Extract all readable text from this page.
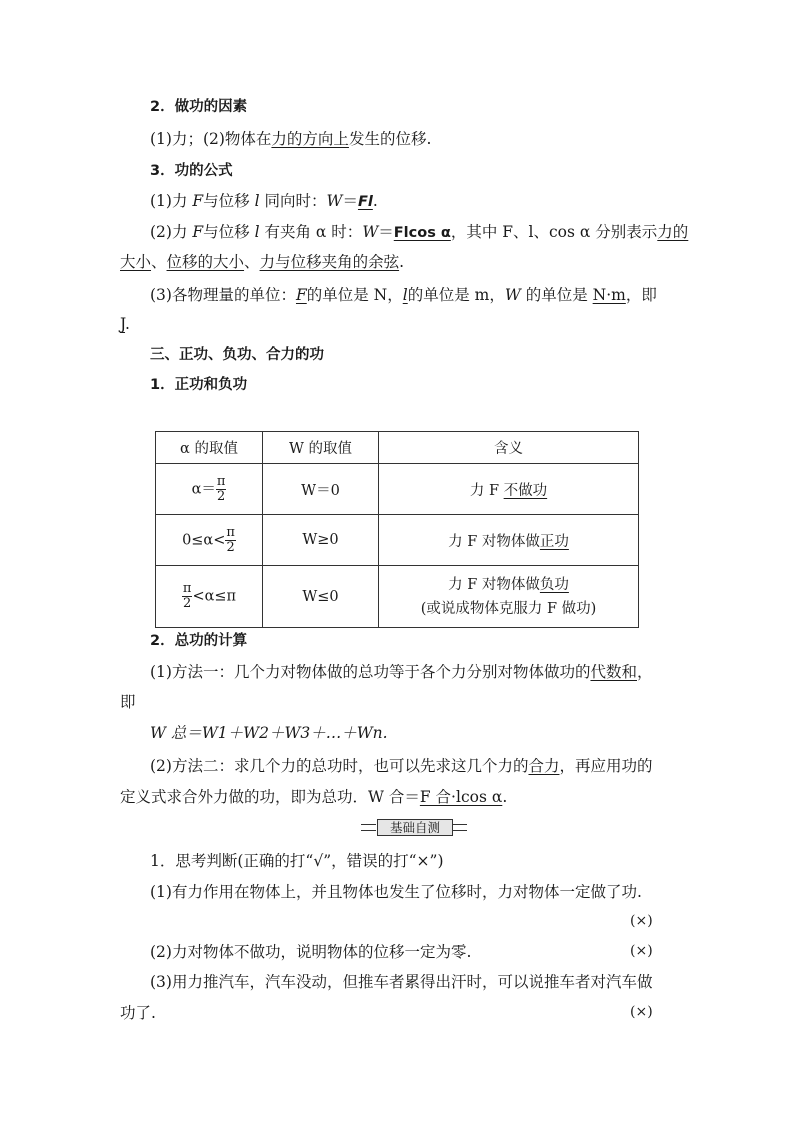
2．做功的因素
(1)力；(2)物体在力的方向上发生的位移.
3．功的公式
(1)力 F与位移 l 同向时：W＝Fl.
(2)力 F与位移 l 有夹角 α 时：W＝Flcos α，其中 F、l、cos α 分别表示力的
大小、位移的大小、力与位移夹角的余弦.
(3)各物理量的单位：F的单位是 N，l的单位是 m，W 的单位是 N·m，即
J.
三、正功、负功、合力的功
1．正功和负功
α 的取值	W 的取值	含义
$\alpha= \frac{\pi}{2}$	W＝0	力 F 不做功
$0\le\alpha< \frac{\pi}{2}$	W≥0	力 F 对物体做正功

$\frac{\pi}{2} <\alpha\le\pi$	W≤0	力 F 对物体做负功
(或说成物体克服力 F 做功)
2．总功的计算
(1)方法一：几个力对物体做的总功等于各个力分别对物体做功的代数和，
即
W 总＝W1＋W2＋W3＋…＋Wn.
(2)方法二：求几个力的总功时，也可以先求这几个力的合力，再应用功的
定义式求合外力做的功，即为总功．W 合＝F 合·lcos α.
基础自测
1．思考判断(正确的打“√”，错误的打“×”)
(1)有力作用在物体上，并且物体也发生了位移时，力对物体一定做了功.
(×)
(2)力对物体不做功，说明物体的位移一定为零.	(×)
(3)用力推汽车，汽车没动，但推车者累得出汗时，可以说推车者对汽车做
功了.	(×)
